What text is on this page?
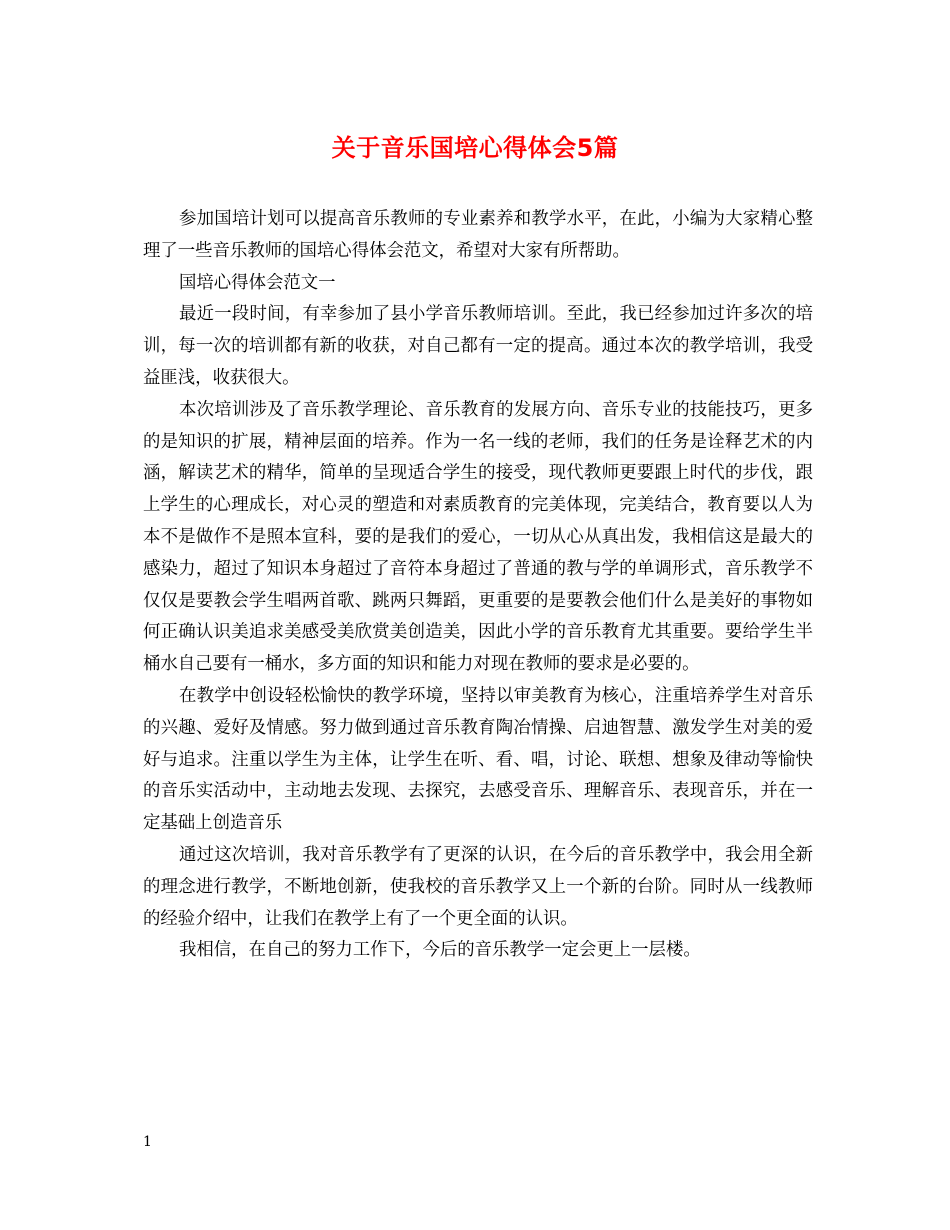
关于音乐国培心得体会5篇

参加国培计划可以提高音乐教师的专业素养和教学水平，在此，小编为大家精心整理了一些音乐教师的国培心得体会范文，希望对大家有所帮助。

国培心得体会范文一

最近一段时间，有幸参加了县小学音乐教师培训。至此，我已经参加过许多次的培训，每一次的培训都有新的收获，对自己都有一定的提高。通过本次的教学培训，我受益匪浅，收获很大。

本次培训涉及了音乐教学理论、音乐教育的发展方向、音乐专业的技能技巧，更多的是知识的扩展，精神层面的培养。作为一名一线的老师，我们的任务是诠释艺术的内涵，解读艺术的精华，简单的呈现适合学生的接受，现代教师更要跟上时代的步伐，跟上学生的心理成长，对心灵的塑造和对素质教育的完美体现，完美结合，教育要以人为本不是做作不是照本宣科，要的是我们的爱心，一切从心从真出发，我相信这是最大的感染力，超过了知识本身超过了音符本身超过了普通的教与学的单调形式，音乐教学不仅仅是要教会学生唱两首歌、跳两只舞蹈，更重要的是要教会他们什么是美好的事物如何正确认识美追求美感受美欣赏美创造美，因此小学的音乐教育尤其重要。要给学生半桶水自己要有一桶水，多方面的知识和能力对现在教师的要求是必要的。

在教学中创设轻松愉快的教学环境，坚持以审美教育为核心，注重培养学生对音乐的兴趣、爱好及情感。努力做到通过音乐教育陶冶情操、启迪智慧、激发学生对美的爱好与追求。注重以学生为主体，让学生在听、看、唱，讨论、联想、想象及律动等愉快的音乐实活动中，主动地去发现、去探究，去感受音乐、理解音乐、表现音乐，并在一定基础上创造音乐

通过这次培训，我对音乐教学有了更深的认识，在今后的音乐教学中，我会用全新的理念进行教学，不断地创新，使我校的音乐教学又上一个新的台阶。同时从一线教师的经验介绍中，让我们在教学上有了一个更全面的认识。

我相信，在自己的努力工作下，今后的音乐教学一定会更上一层楼。

1
